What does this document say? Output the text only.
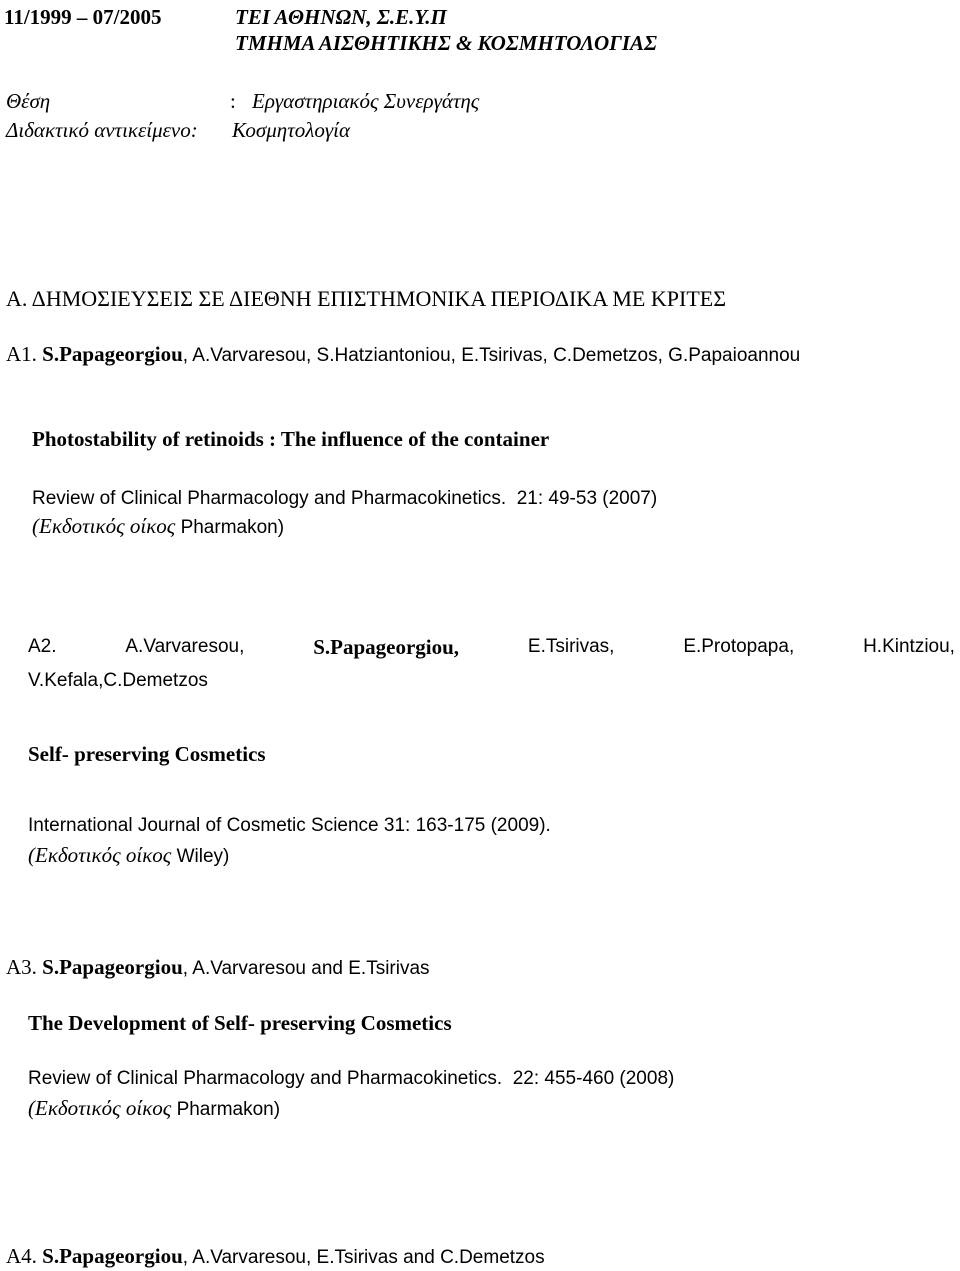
11/1999 – 07/2005	ΤΕΙ ΑΘΗΝΩΝ, Σ.Ε.Υ.Π
ΤΜΗΜΑ ΑΙΣΘΗΤΙΚΗΣ & ΚΟΣΜΗΤΟΛΟΓΙΑΣ
Θέση	: Εργαστηριακός Συνεργάτης
Διδακτικό αντικείμενο: Κοσμητολογία
Α. ΔΗΜΟΣΙΕΥΣΕΙΣ ΣΕ ΔΙΕΘΝΗ ΕΠΙΣΤΗΜΟΝΙΚΑ ΠΕΡΙΟΔΙΚΑ ΜΕ ΚΡΙΤΕΣ
A1. S.Papageorgiou, A.Varvaresou, S.Hatziantoniou, E.Tsirivas, C.Demetzos, G.Papaioannou
Photostability of retinoids : The influence of the container
Review of Clinical Pharmacology and Pharmacokinetics. 21: 49-53 (2007)
(Εκδοτικός οίκος Pharmakon)
A2.	A.Varvaresou,	S.Papageorgiou,	E.Tsirivas,	E.Protopapa,	H.Kintziou,
V.Kefala,C.Demetzos
Self- preserving Cosmetics
International Journal of Cosmetic Science 31: 163-175 (2009).
(Εκδοτικός οίκος Wiley)
A3. S.Papageorgiou, A.Varvaresou and E.Tsirivas
The Development of Self- preserving Cosmetics
Review of Clinical Pharmacology and Pharmacokinetics. 22: 455-460 (2008)
(Εκδοτικός οίκος Pharmakon)
A4. S.Papageorgiou, A.Varvaresou, E.Tsirivas and C.Demetzos
